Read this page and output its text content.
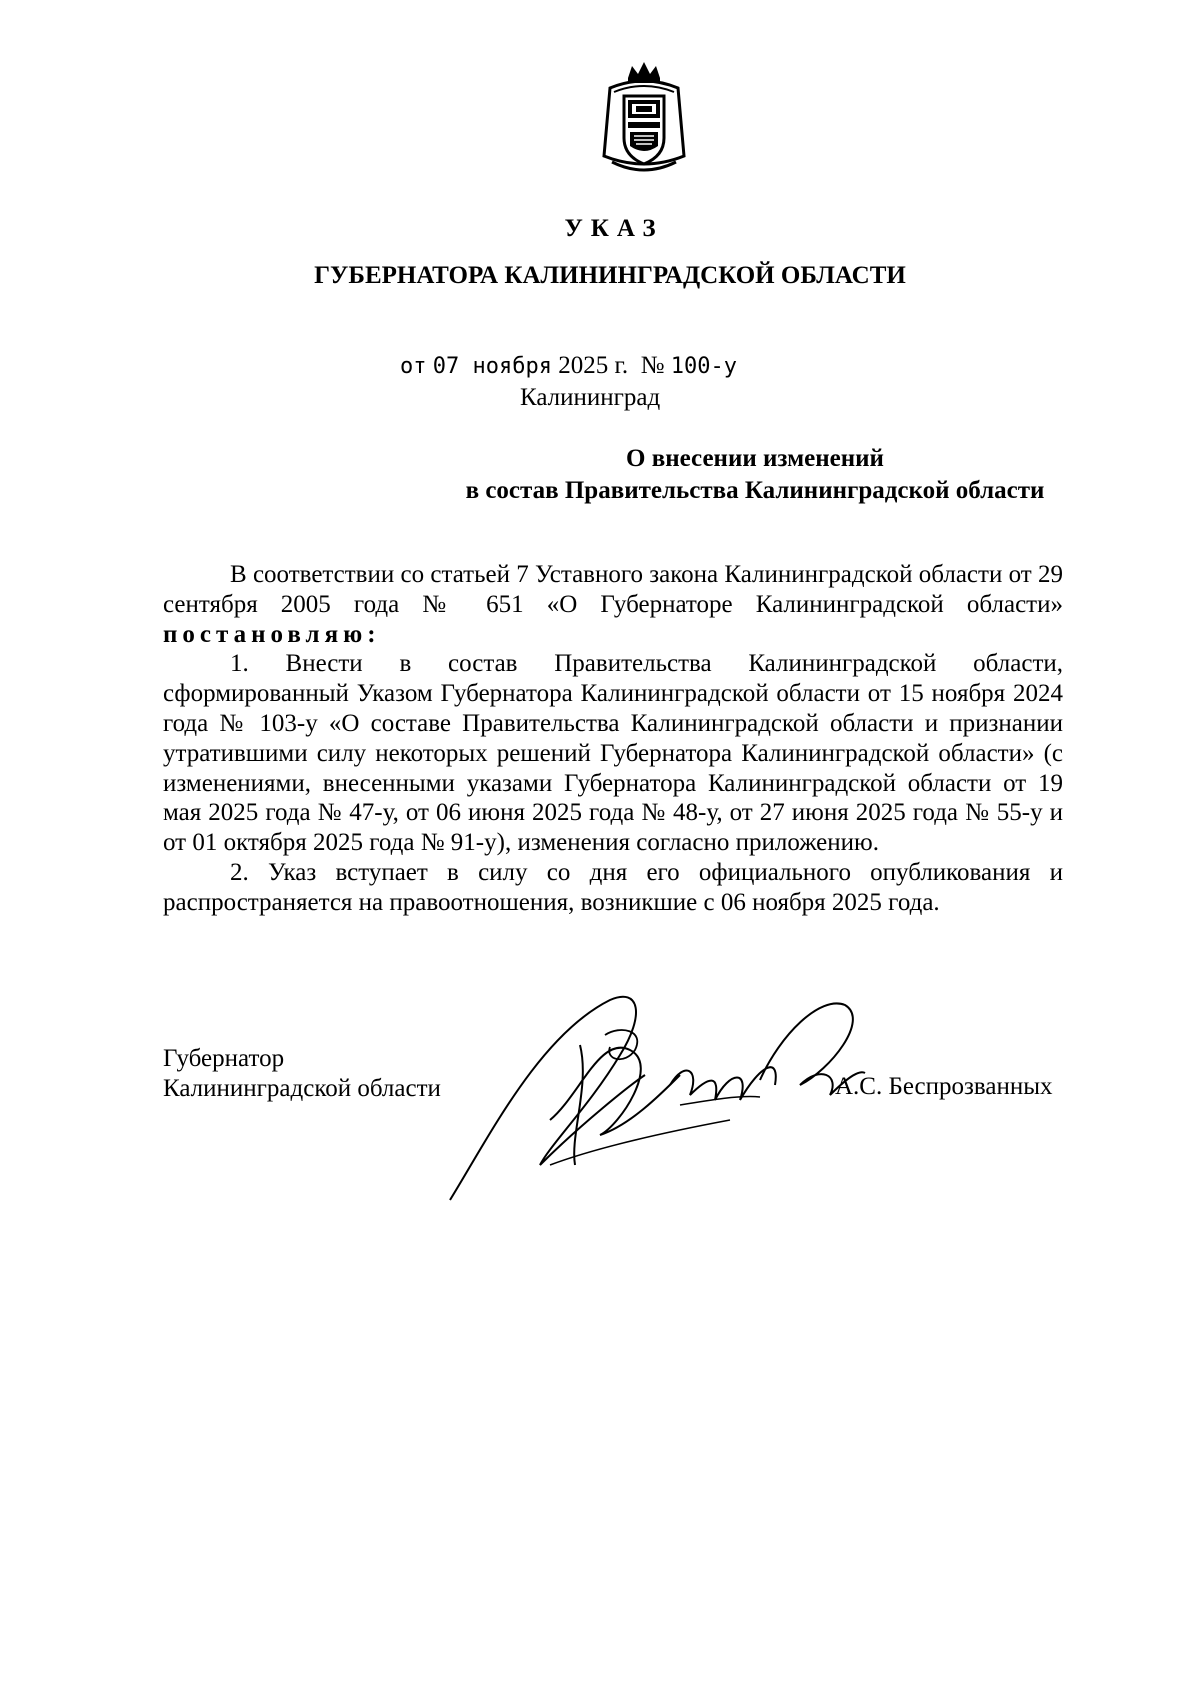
УКАЗ
ГУБЕРНАТОРА КАЛИНИНГРАДСКОЙ ОБЛАСТИ
от 07 ноября 2025 г. № 100-у
Калининград
О внесении изменений
в состав Правительства Калининградской области

В соответствии со статьей 7 Уставного закона Калининградской области от 29 сентября 2005 года № 651 «О Губернаторе Калининградской области» постановляю:

1. Внести в состав Правительства Калининградской области, сформированный Указом Губернатора Калининградской области от 15 ноября 2024 года № 103-у «О составе Правительства Калининградской области и признании утратившими силу некоторых решений Губернатора Калининградской области» (с изменениями, внесенными указами Губернатора Калининградской области от 19 мая 2025 года № 47-у, от 06 июня 2025 года № 48-у, от 27 июня 2025 года № 55-у и от 01 октября 2025 года № 91-у), изменения согласно приложению.

2. Указ вступает в силу со дня его официального опубликования и распространяется на правоотношения, возникшие с 06 ноября 2025 года.

Губернатор
Калининградской области	А.С. Беспрозванных
